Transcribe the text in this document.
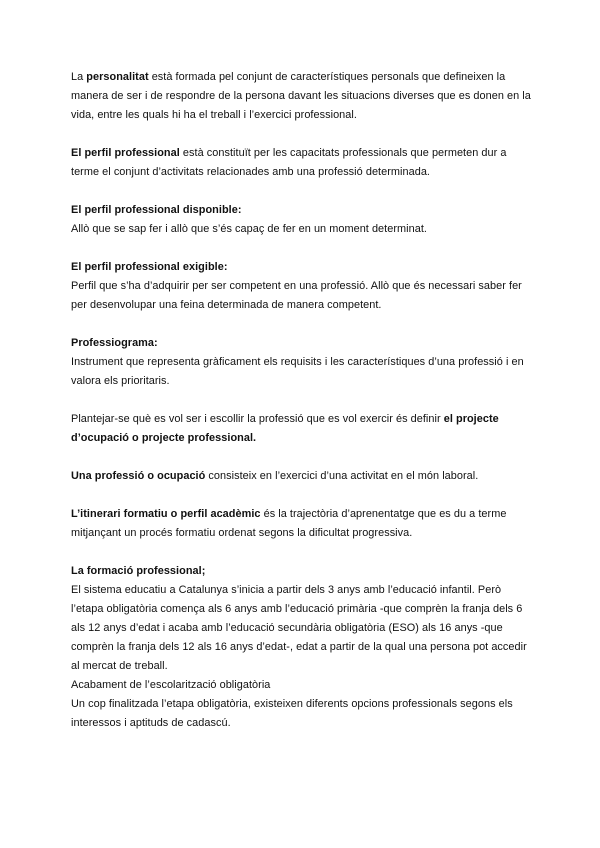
La personalitat està formada pel conjunt de característiques personals que defineixen la manera de ser i de respondre de la persona davant les situacions diverses que es donen en la vida, entre les quals hi ha el treball i l’exercici professional.

El perfil professional està constituït per les capacitats professionals que permeten dur a terme el conjunt d’activitats relacionades amb una professió determinada.

El perfil professional disponible:
Allò que se sap fer i allò que s’és capaç de fer en un moment determinat.

El perfil professional exigible:
Perfil que s’ha d’adquirir per ser competent en una professió. Allò que és necessari saber fer per desenvolupar una feina determinada de manera competent.

Professiograma:
Instrument que representa gràficament els requisits i les característiques d’una professió i en valora els prioritaris.

Plantejar-se què es vol ser i escollir la professió que es vol exercir és definir el projecte d’ocupació o projecte professional.

Una professió o ocupació consisteix en l’exercici d’una activitat en el món laboral.

L’itinerari formatiu o perfil acadèmic és la trajectòria d’aprenentatge que es du a terme mitjançant un procés formatiu ordenat segons la dificultat progressiva.

La formació professional;
El sistema educatiu a Catalunya s’inicia a partir dels 3 anys amb l’educació infantil. Però l’etapa obligatòria comença als 6 anys amb l’educació primària -que comprèn la franja dels 6 als 12 anys d’edat i acaba amb l’educació secundària obligatòria (ESO) als 16 anys -que comprèn la franja dels 12 als 16 anys d’edat-, edat a partir de la qual una persona pot accedir al mercat de treball.
Acabament de l’escolarització obligatòria
Un cop finalitzada l’etapa obligatòria, existeixen diferents opcions professionals segons els interessos i aptituds de cadascú.
